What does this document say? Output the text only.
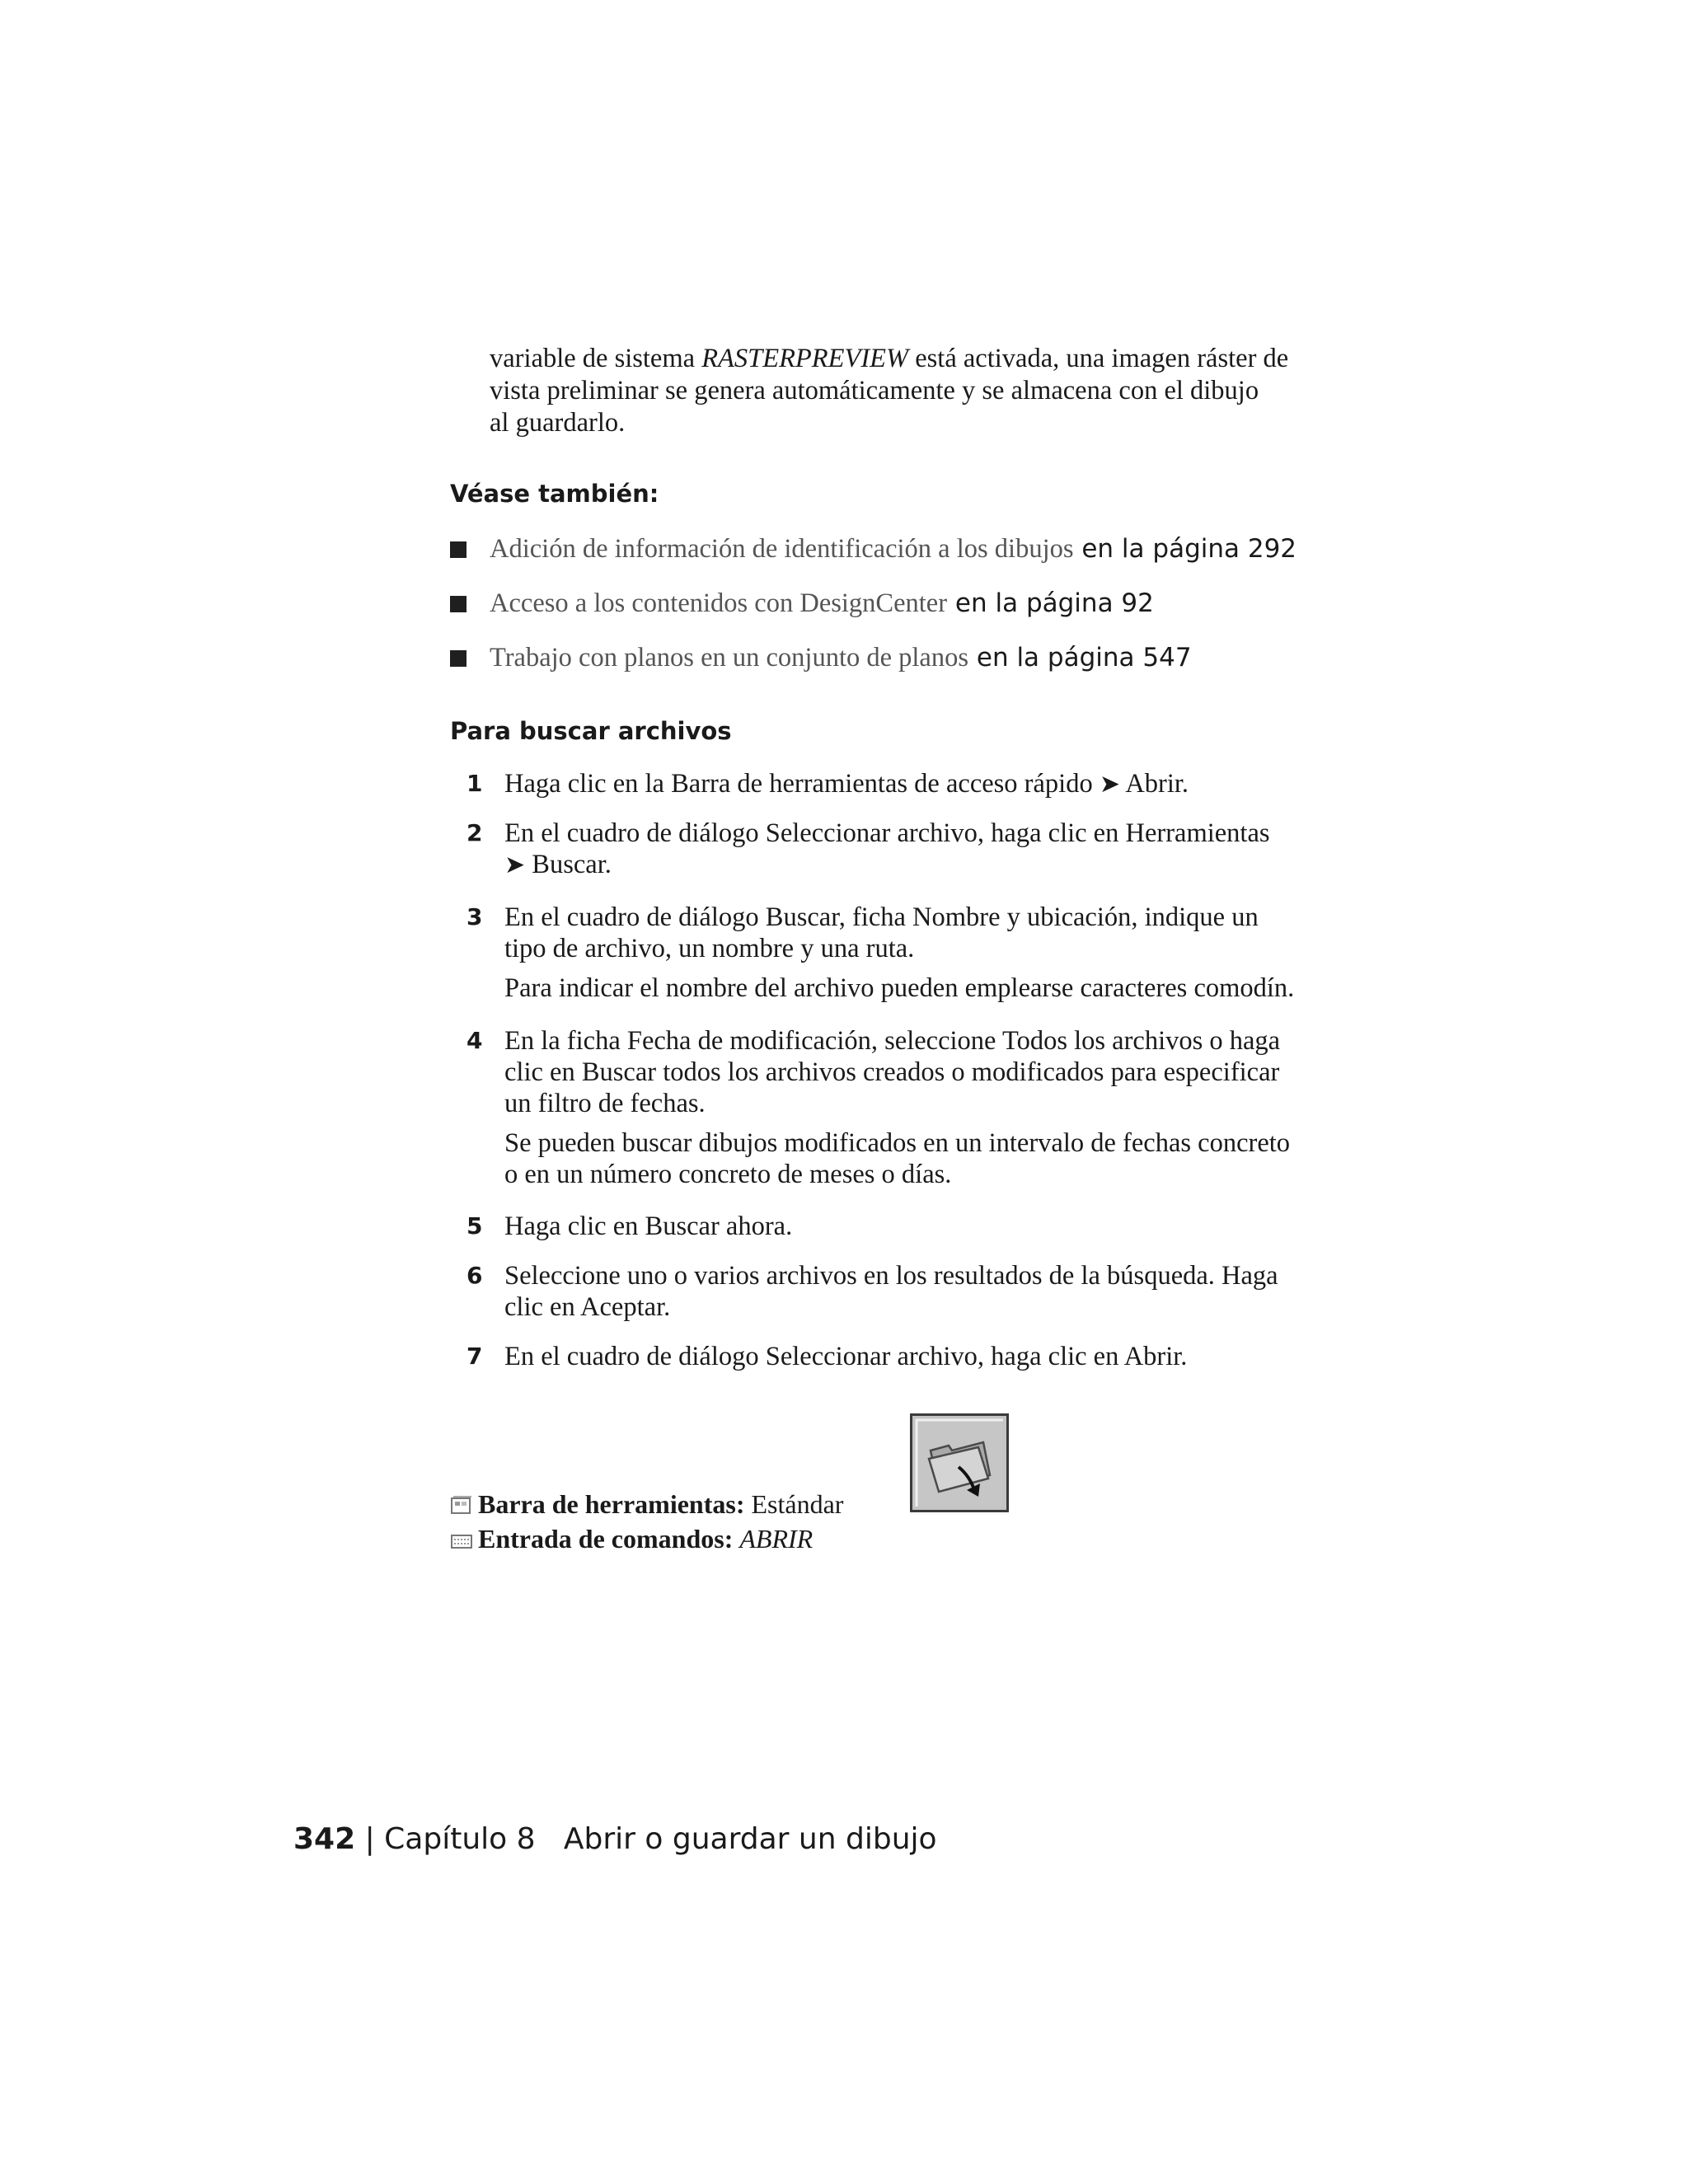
variable de sistema RASTERPREVIEW está activada, una imagen ráster de
vista preliminar se genera automáticamente y se almacena con el dibujo
al guardarlo.

Véase también:
Adición de información de identificación a los dibujos en la página 292
Acceso a los contenidos con DesignCenter en la página 92
Trabajo con planos en un conjunto de planos en la página 547
Para buscar archivos
1 Haga clic en la Barra de herramientas de acceso rápido ➤ Abrir.
2 En el cuadro de diálogo Seleccionar archivo, haga clic en Herramientas
➤ Buscar.
3 En el cuadro de diálogo Buscar, ficha Nombre y ubicación, indique un
tipo de archivo, un nombre y una ruta.
Para indicar el nombre del archivo pueden emplearse caracteres comodín.
4 En la ficha Fecha de modificación, seleccione Todos los archivos o haga
clic en Buscar todos los archivos creados o modificados para especificar
un filtro de fechas.
Se pueden buscar dibujos modificados en un intervalo de fechas concreto
o en un número concreto de meses o días.
5 Haga clic en Buscar ahora.
6 Seleccione uno o varios archivos en los resultados de la búsqueda. Haga
clic en Aceptar.
7 En el cuadro de diálogo Seleccionar archivo, haga clic en Abrir.
Barra de herramientas: Estándar
Entrada de comandos: ABRIR
342 | Capítulo 8 Abrir o guardar un dibujo
